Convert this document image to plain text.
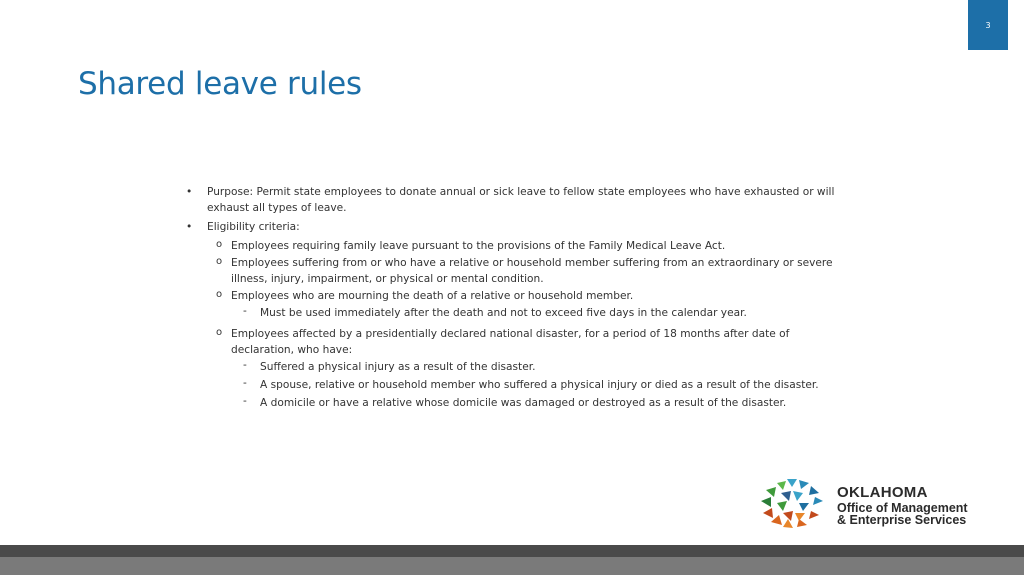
3
Shared leave rules
• Purpose: Permit state employees to donate annual or sick leave to fellow state employees who have exhausted or will exhaust all types of leave.
• Eligibility criteria:
o Employees requiring family leave pursuant to the provisions of the Family Medical Leave Act.
o Employees suffering from or who have a relative or household member suffering from an extraordinary or severe illness, injury, impairment, or physical or mental condition.
o Employees who are mourning the death of a relative or household member.
- Must be used immediately after the death and not to exceed five days in the calendar year.
o Employees affected by a presidentially declared national disaster, for a period of 18 months after date of declaration, who have:
- Suffered a physical injury as a result of the disaster.
- A spouse, relative or household member who suffered a physical injury or died as a result of the disaster.
- A domicile or have a relative whose domicile was damaged or destroyed as a result of the disaster.
OKLAHOMA
Office of Management
& Enterprise Services
